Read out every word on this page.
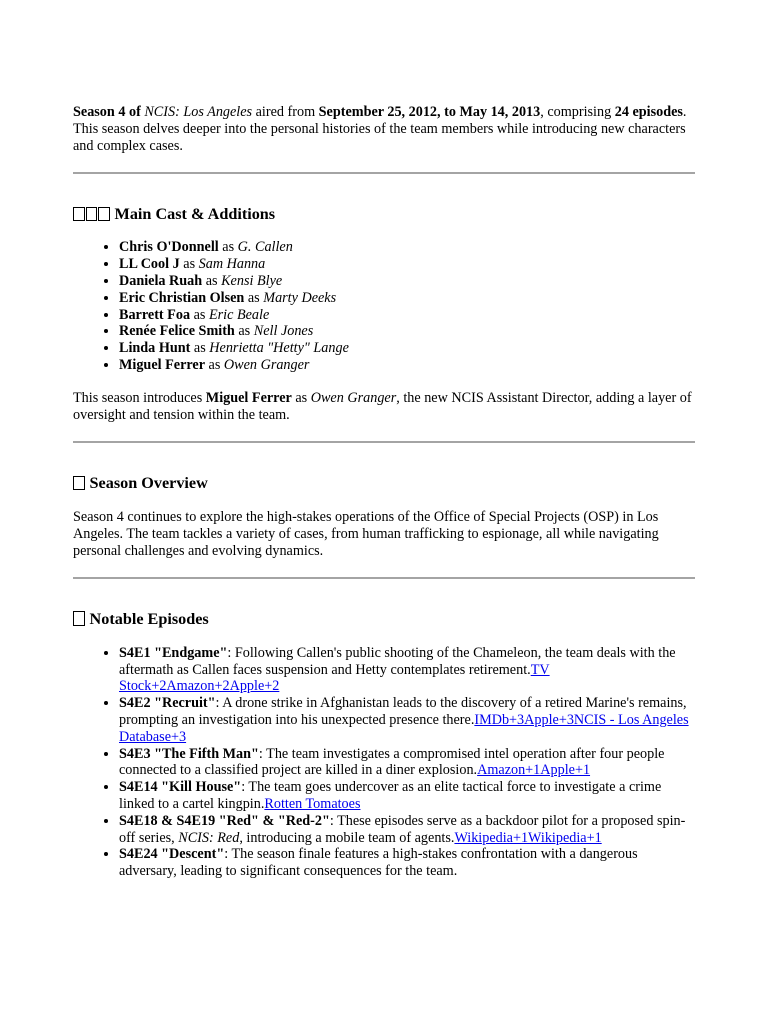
Season 4 of NCIS: Los Angeles aired from September 25, 2012, to May 14, 2013, comprising 24 episodes. This season delves deeper into the personal histories of the team members while introducing new characters and complex cases.

Main Cast & Additions
• Chris O'Donnell as G. Callen
• LL Cool J as Sam Hanna
• Daniela Ruah as Kensi Blye
• Eric Christian Olsen as Marty Deeks
• Barrett Foa as Eric Beale
• Renée Felice Smith as Nell Jones
• Linda Hunt as Henrietta "Hetty" Lange
• Miguel Ferrer as Owen Granger

This season introduces Miguel Ferrer as Owen Granger, the new NCIS Assistant Director, adding a layer of oversight and tension within the team.

Season Overview

Season 4 continues to explore the high-stakes operations of the Office of Special Projects (OSP) in Los Angeles. The team tackles a variety of cases, from human trafficking to espionage, all while navigating personal challenges and evolving dynamics.

Notable Episodes
• S4E1 "Endgame": Following Callen's public shooting of the Chameleon, the team deals with the aftermath as Callen faces suspension and Hetty contemplates retirement.TV Stock+2Amazon+2Apple+2
• S4E2 "Recruit": A drone strike in Afghanistan leads to the discovery of a retired Marine's remains, prompting an investigation into his unexpected presence there.IMDb+3Apple+3NCIS - Los Angeles Database+3
• S4E3 "The Fifth Man": The team investigates a compromised intel operation after four people connected to a classified project are killed in a diner explosion.Amazon+1Apple+1
• S4E14 "Kill House": The team goes undercover as an elite tactical force to investigate a crime linked to a cartel kingpin.Rotten Tomatoes
• S4E18 & S4E19 "Red" & "Red-2": These episodes serve as a backdoor pilot for a proposed spin-off series, NCIS: Red, introducing a mobile team of agents.Wikipedia+1Wikipedia+1
• S4E24 "Descent": The season finale features a high-stakes confrontation with a dangerous adversary, leading to significant consequences for the team.
